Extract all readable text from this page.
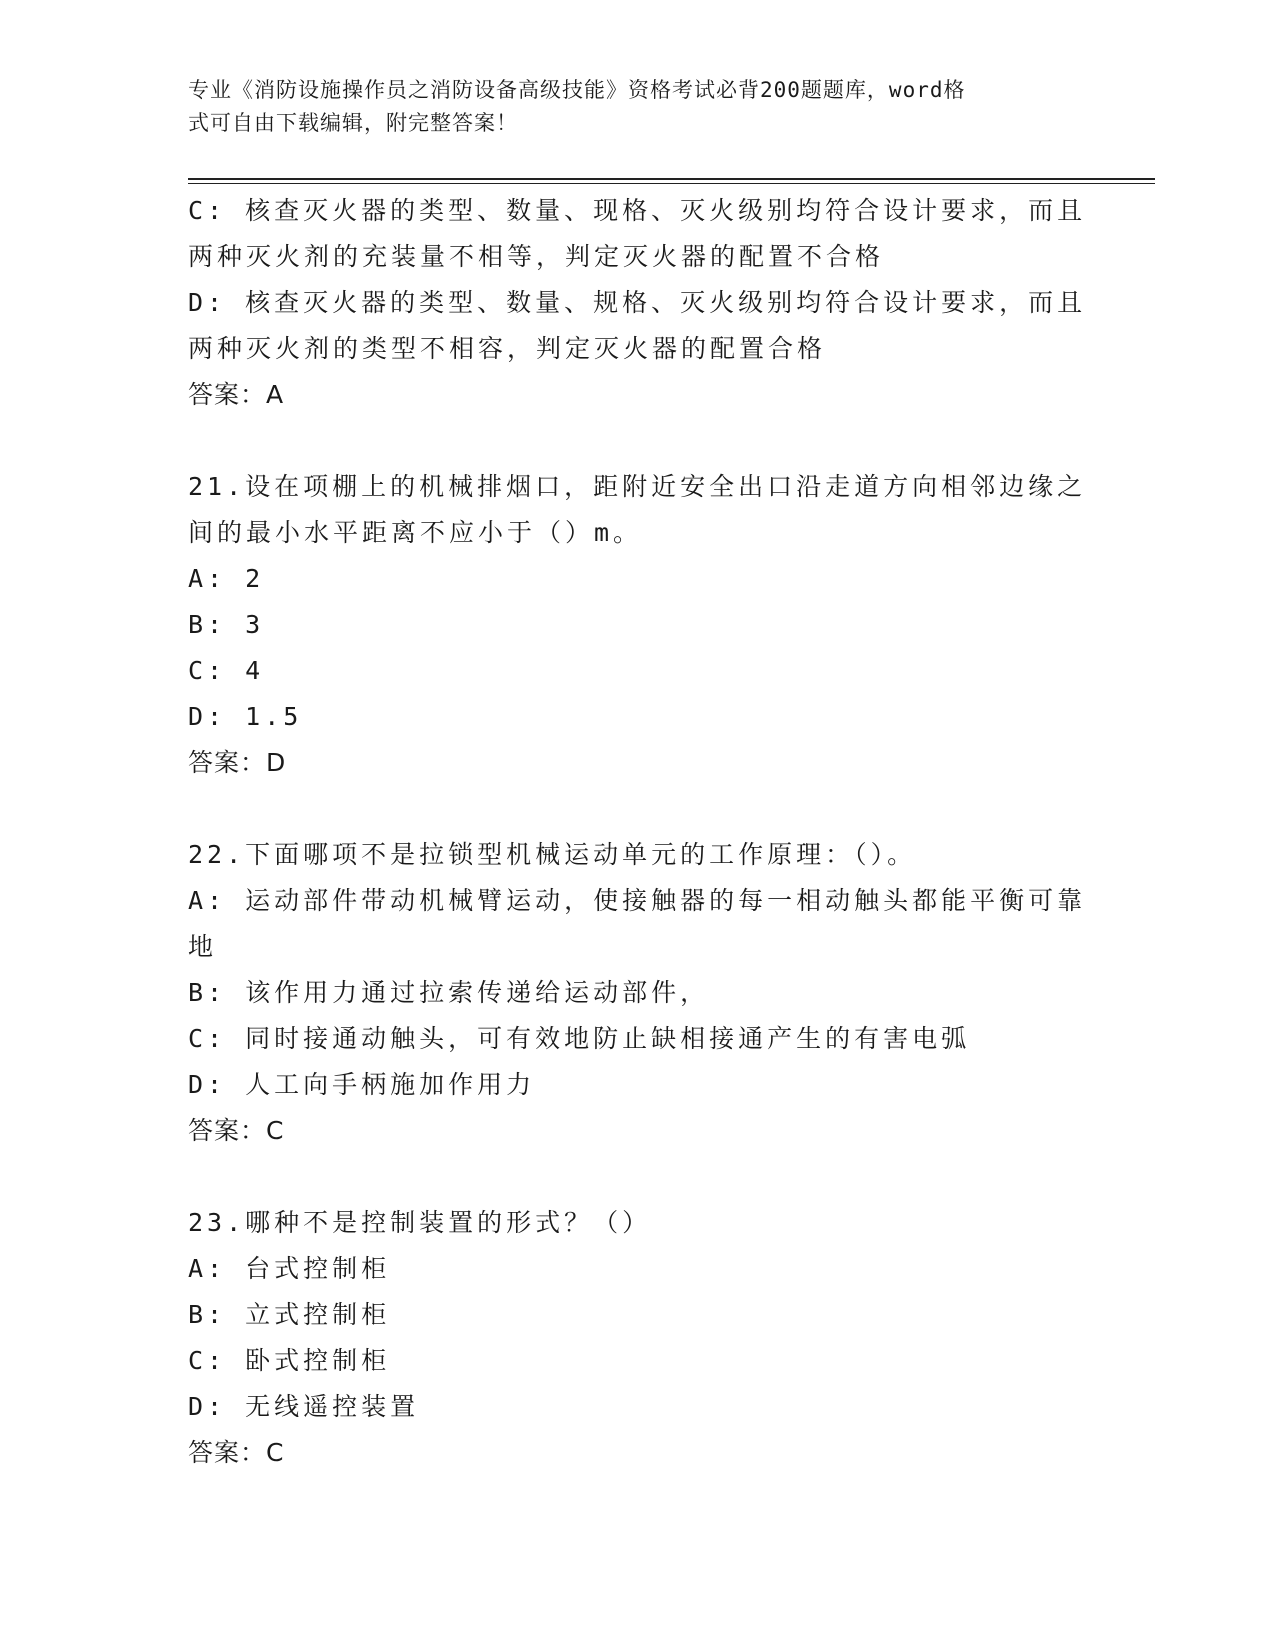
专业《消防设施操作员之消防设备高级技能》资格考试必背200题题库，word格
式可自由下载编辑，附完整答案！
C: 核查灭火器的类型、数量、现格、灭火级别均符合设计要求，而且
两种灭火剂的充装量不相等，判定灭火器的配置不合格
D: 核查灭火器的类型、数量、规格、灭火级别均符合设计要求，而且
两种灭火剂的类型不相容，判定灭火器的配置合格
答案：A
21.设在项棚上的机械排烟口，距附近安全出口沿走道方向相邻边缘之
间的最小水平距离不应小于（）m。
A: 2
B: 3
C: 4
D: 1.5
答案：D
22.下面哪项不是拉锁型机械运动单元的工作原理：（）。
A: 运动部件带动机械臂运动，使接触器的每一相动触头都能平衡可靠
地
B: 该作用力通过拉索传递给运动部件，
C: 同时接通动触头，可有效地防止缺相接通产生的有害电弧
D: 人工向手柄施加作用力
答案：C
23.哪种不是控制装置的形式？（）
A: 台式控制柜
B: 立式控制柜
C: 卧式控制柜
D: 无线遥控装置
答案：C
